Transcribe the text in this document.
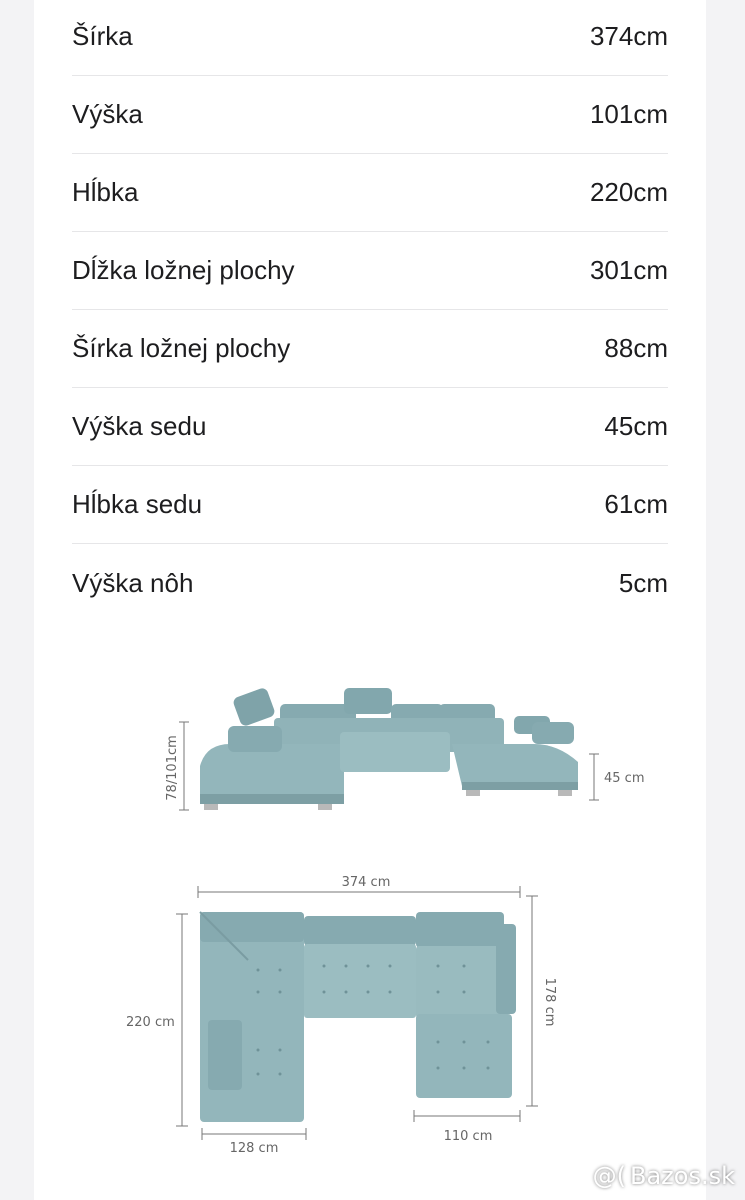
Šírka	374cm
Výška	101cm
Hĺbka	220cm
Dĺžka ložnej plochy	301cm
Šírka ložnej plochy	88cm
Výška sedu	45cm
Hĺbka sedu	61cm
Výška nôh	5cm
78/101cm	45 cm
374 cm
220 cm	178 cm
128 cm
110 cm
@( Bazos.sk
